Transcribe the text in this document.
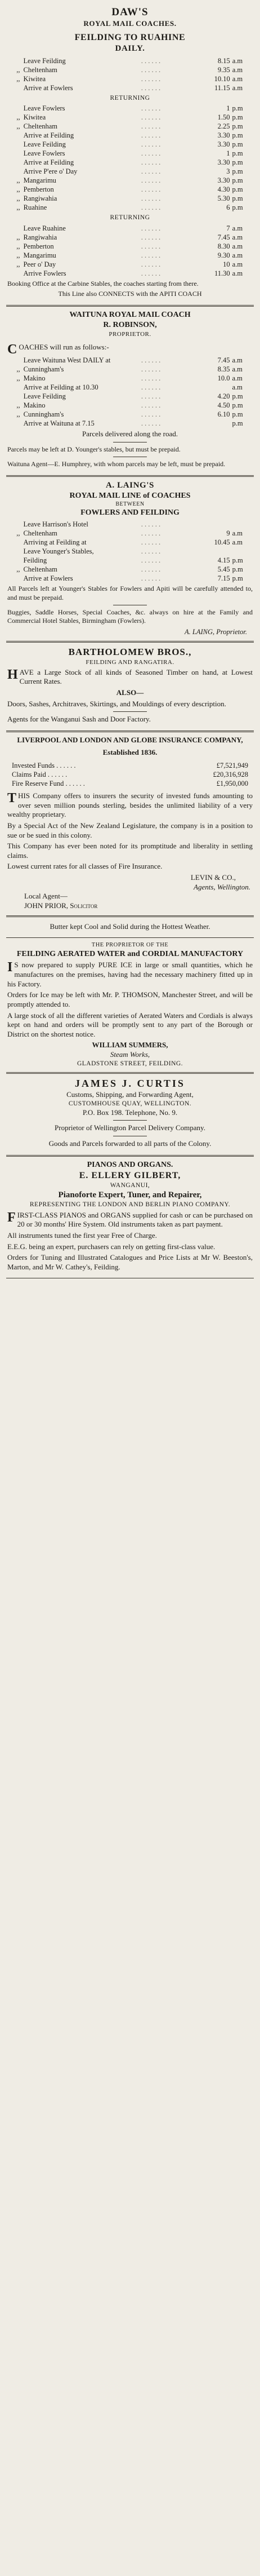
DAW'S
ROYAL MAIL COACHES.
FEILDING TO RUAHINE
DAILY.
	Leave Feilding	. . . . . .	8.15	a.m
,,	Cheltenham	. . . . . .	9.35	a.m
,,	Kiwitea	. . . . . .	10.10	a.m
	Arrive at Fowlers	. . . . . .	11.15	a.m
RETURNING
	Leave Fowlers	. . . . . .	1	p.m
,,	Kiwitea	. . . . . .	1.50	p.m
,,	Cheltenham	. . . . . .	2.25	p.m
	Arrive at Feilding	. . . . . .	3.30	p.m
	Leave Feilding	. . . . . .	3.30	p.m
	Leave Fowlers	. . . . . .	1	p.m
	Arrive at Feilding	. . . . . .	3.30	p.m
	Arrive P'ere o' Day	. . . . . .	3	p.m
,,	Mangarimu	. . . . . .	3.30	p.m
,,	Pemberton	. . . . . .	4.30	p.m
,,	Rangiwahia	. . . . . .	5.30	p.m
,,	Ruahine	. . . . . .	6	p.m
RETURNING
	Leave Ruahine	. . . . . .	7	a.m
,,	Rangiwahia	. . . . . .	7.45	a.m
,,	Pemberton	. . . . . .	8.30	a.m
,,	Mangarimu	. . . . . .	9.30	a.m
,,	Peer o' Day	. . . . . .	10	a.m
	Arrive Fowlers	. . . . . .	11.30	a.m

Booking Office at the Carbine Stables, the coaches starting from there.

This Line also CONNECTS with the APITI COACH

WAITUNA ROYAL MAIL COACH
R. ROBINSON,
PROPRIETOR.

COACHES will run as follows:-

	Leave Waituna West DAILY at	. . . . . .	7.45	a.m
,,	Cunningham's	. . . . . .	8.35	a.m
,,	Makino	. . . . . .	10.0	a.m
	Arrive at Feilding at 10.30	. . . . . .		a.m
	Leave Feilding	. . . . . .	4.20	p.m
,,	Makino	. . . . . .	4.50	p.m
,,	Cunningham's	. . . . . .	6.10	p.m
	Arrive at Waituna at 7.15	. . . . . .		p.m

Parcels delivered along the road.

Parcels may be left at D. Younger's stables, but must be prepaid.

Waituna Agent—E. Humphrey, with whom parcels may be left, must be prepaid.

A. LAING'S
ROYAL MAIL LINE of COACHES
BETWEEN
FOWLERS AND FEILDING
	Leave Harrison's Hotel	. . . . . .		
,,	Cheltenham	. . . . . .	9	a.m
	Arriving at Feilding at	. . . . . .	10.45	a.m
	Leave Younger's Stables,	. . . . . .		
	Feilding	. . . . . .	4.15	p.m
,,	Cheltenham	. . . . . .	5.45	p.m
	Arrive at Fowlers	. . . . . .	7.15	p.m

All Parcels left at Younger's Stables for Fowlers and Apiti will be carefully attended to, and must be prepaid.

Buggies, Saddle Horses, Special Coaches, &c. always on hire at the Family and Commercial Hotel Stables, Birmingham (Fowlers).

A. LAING, Proprietor.
BARTHOLOMEW BROS.,
FEILDING AND RANGATIRA.

HAVE a Large Stock of all kinds of Seasoned Timber on hand, at Lowest Current Rates.

ALSO—

Doors, Sashes, Architraves, Skirtings, and Mouldings of every description.

Agents for the Wanganui Sash and Door Factory.

LIVERPOOL AND LONDON AND GLOBE INSURANCE COMPANY,
Established 1836.
Invested Funds . . . . . .	£7,521,949
Claims Paid . . . . . .	£20,316,928
Fire Reserve Fund . . . . . .	£1,950,000

THIS Company offers to insurers the security of invested funds amounting to over seven million pounds sterling, besides the unlimited liability of a very wealthy proprietary.

By a Special Act of the New Zealand Legislature, the company is in a position to sue or be sued in this colony.

This Company has ever been noted for its promptitude and liberality in settling claims.

Lowest current rates for all classes of Fire Insurance.

LEVIN & CO.,
Agents, Wellington.
Local Agent—
JOHN PRIOR, Solicitor

Butter kept Cool and Solid during the Hottest Weather.

THE PROPRIETOR OF THE
FEILDING AERATED WATER and CORDIAL MANUFACTORY

IS now prepared to supply PURE ICE in large or small quantities, which he manufactures on the premises, having had the necessary machinery fitted up in his Factory.

Orders for Ice may be left with Mr. P. THOMSON, Manchester Street, and will be promptly attended to.

A large stock of all the different varieties of Aerated Waters and Cordials is always kept on hand and orders will be promptly sent to any part of the Borough or District on the shortest notice.

WILLIAM SUMMERS,
Steam Works,
GLADSTONE STREET, FEILDING.
JAMES J. CURTIS
Customs, Shipping, and Forwarding Agent,
CUSTOMHOUSE QUAY, WELLINGTON.
P.O. Box 198. Telephone, No. 9.

Proprietor of Wellington Parcel Delivery Company.

Goods and Parcels forwarded to all parts of the Colony.

PIANOS AND ORGANS.
E. ELLERY GILBERT,
WANGANUI,
Pianoforte Expert, Tuner, and Repairer,
REPRESENTING THE LONDON AND BERLIN PIANO COMPANY.

FIRST-CLASS PIANOS and ORGANS supplied for cash or can be purchased on 20 or 30 months' Hire System. Old instruments taken as part payment.

All instruments tuned the first year Free of Charge.

E.E.G. being an expert, purchasers can rely on getting first-class value.

Orders for Tuning and Illustrated Catalogues and Price Lists at Mr W. Beeston's, Marton, and Mr W. Cathey's, Feilding.
